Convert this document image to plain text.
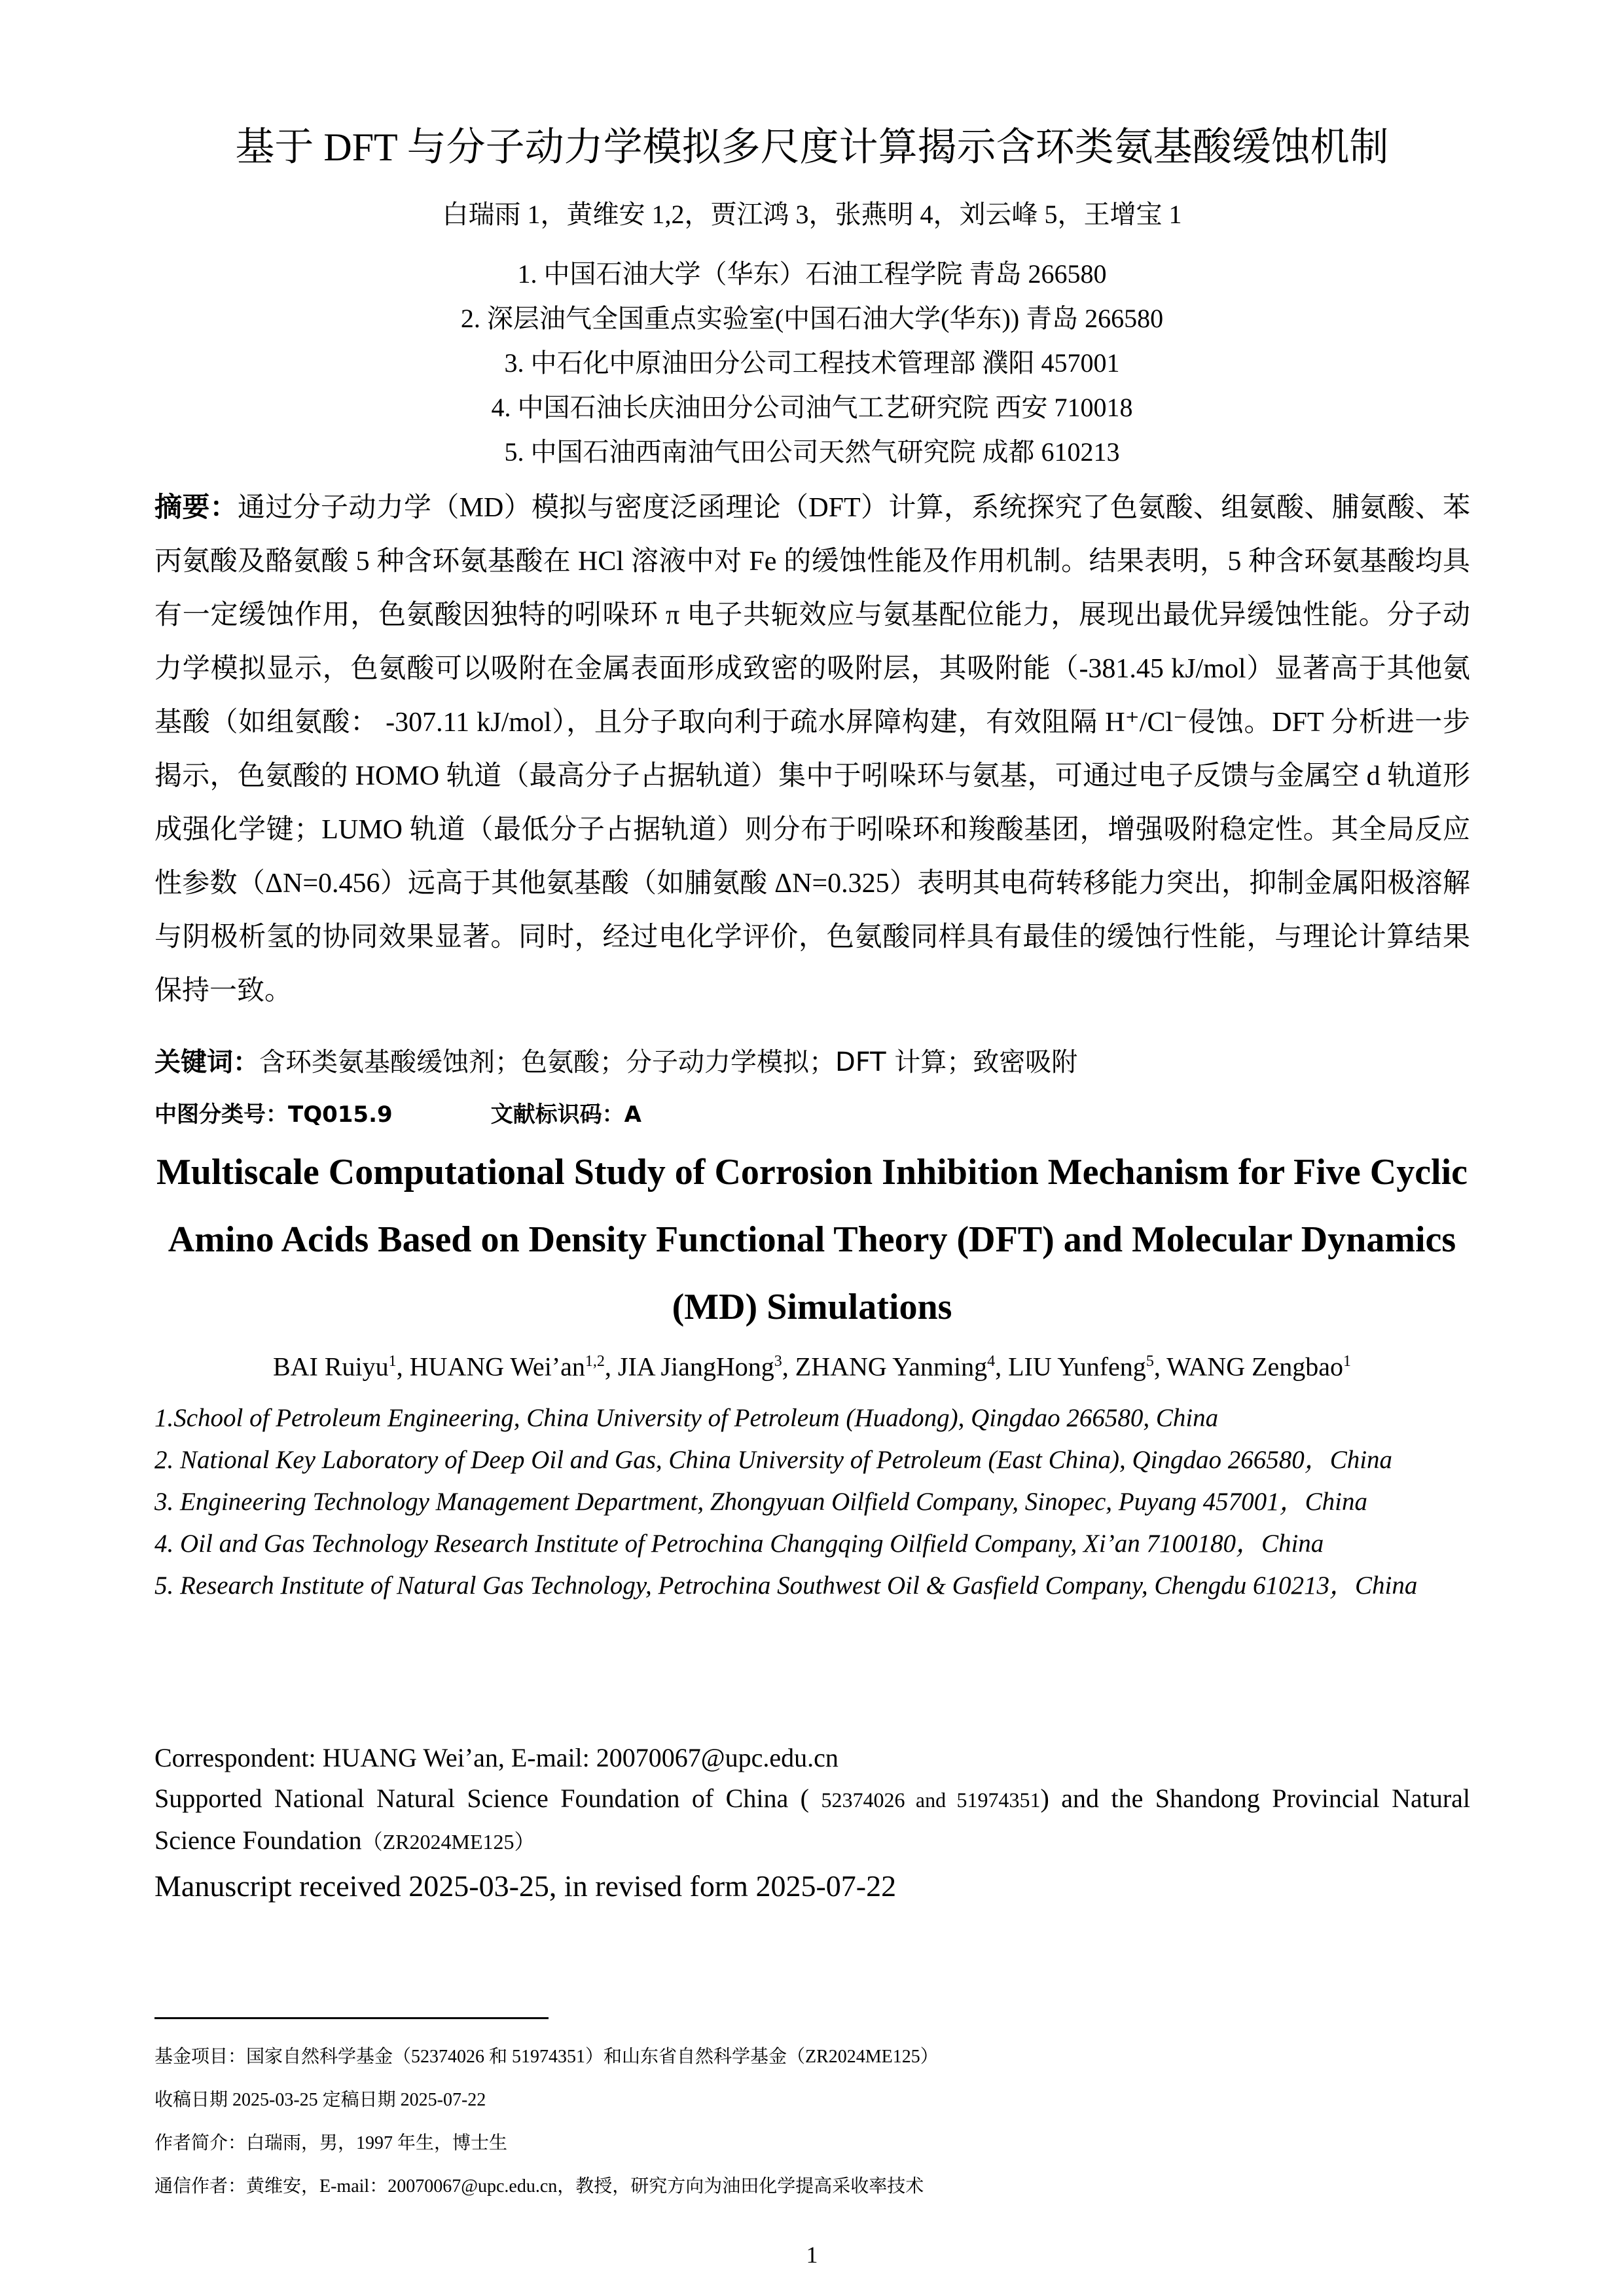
基于 DFT 与分子动力学模拟多尺度计算揭示含环类氨基酸缓蚀机制
白瑞雨 1，黄维安 1,2，贾江鸿 3，张燕明 4，刘云峰 5，王增宝 1
1. 中国石油大学（华东）石油工程学院 青岛 266580
2. 深层油气全国重点实验室(中国石油大学(华东)) 青岛 266580
3. 中石化中原油田分公司工程技术管理部 濮阳 457001
4. 中国石油长庆油田分公司油气工艺研究院 西安 710018
5. 中国石油西南油气田公司天然气研究院 成都 610213
摘要：通过分子动力学（MD）模拟与密度泛函理论（DFT）计算，系统探究了色氨酸、组氨酸、脯氨酸、苯丙氨酸及酪氨酸 5 种含环氨基酸在 HCl 溶液中对 Fe 的缓蚀性能及作用机制。结果表明，5 种含环氨基酸均具有一定缓蚀作用，色氨酸因独特的吲哚环 π 电子共轭效应与氨基配位能力，展现出最优异缓蚀性能。分子动力学模拟显示，色氨酸可以吸附在金属表面形成致密的吸附层，其吸附能（-381.45 kJ/mol）显著高于其他氨基酸（如组氨酸： -307.11 kJ/mol），且分子取向利于疏水屏障构建，有效阻隔 H⁺/Cl⁻侵蚀。DFT 分析进一步揭示，色氨酸的 HOMO 轨道（最高分子占据轨道）集中于吲哚环与氨基，可通过电子反馈与金属空 d 轨道形成强化学键；LUMO 轨道（最低分子占据轨道）则分布于吲哚环和羧酸基团，增强吸附稳定性。其全局反应性参数（ΔN=0.456）远高于其他氨基酸（如脯氨酸 ΔN=0.325）表明其电荷转移能力突出，抑制金属阳极溶解与阴极析氢的协同效果显著。同时，经过电化学评价，色氨酸同样具有最佳的缓蚀行性能，与理论计算结果保持一致。
关键词：含环类氨基酸缓蚀剂；色氨酸；分子动力学模拟；DFT 计算；致密吸附
中图分类号：TQ015.9	文献标识码：A
Multiscale Computational Study of Corrosion Inhibition Mechanism for Five Cyclic Amino Acids Based on Density Functional Theory (DFT) and Molecular Dynamics (MD) Simulations
BAI Ruiyu$^1$, HUANG Wei’an$^{1,2}$, JIA JiangHong$^3$, ZHANG Yanming$^4$, LIU Yunfeng$^5$, WANG Zengbao$^1$

1.School of Petroleum Engineering, China University of Petroleum (Huadong), Qingdao 266580, China

2. National Key Laboratory of Deep Oil and Gas, China University of Petroleum (East China), Qingdao 266580，China

3. Engineering Technology Management Department, Zhongyuan Oilfield Company, Sinopec, Puyang 457001，China

4. Oil and Gas Technology Research Institute of Petrochina Changqing Oilfield Company, Xi’an 7100180，China

5. Research Institute of Natural Gas Technology, Petrochina Southwest Oil & Gasfield Company, Chengdu 610213，China

Correspondent: HUANG Wei’an, E-mail: 20070067@upc.edu.cn

Supported National Natural Science Foundation of China ( 52374026 and 51974351) and the Shandong Provincial Natural Science Foundation（ZR2024ME125）

Manuscript received 2025-03-25, in revised form 2025-07-22

基金项目：国家自然科学基金（52374026 和 51974351）和山东省自然科学基金（ZR2024ME125）
收稿日期 2025-03-25 定稿日期 2025-07-22
作者简介：白瑞雨，男，1997 年生，博士生
通信作者：黄维安，E-mail：20070067@upc.edu.cn，教授，研究方向为油田化学提高采收率技术
1
